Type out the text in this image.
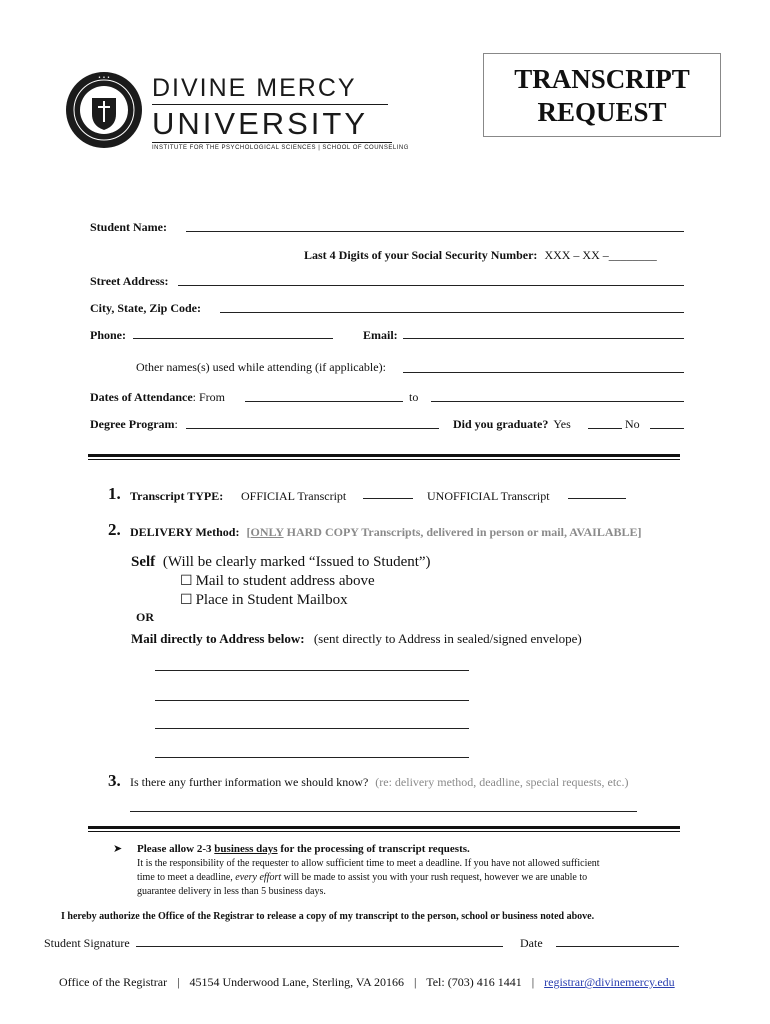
• • • DIVINE MERCY
UNIVERSITY
INSTITUTE FOR THE PSYCHOLOGICAL SCIENCES | SCHOOL OF COUNSELING
TRANSCRIPT
REQUEST
Student Name:
Last 4 Digits of your Social Security Number: XXX – XX –________
Street Address:
City, State, Zip Code:
Phone:	Email:
Other names(s) used while attending (if applicable):
Dates of Attendance: From	to
Degree Program:	Did you graduate? Yes	No
1. Transcript TYPE: OFFICIAL Transcript	UNOFFICIAL Transcript
2. DELIVERY Method: [ONLY HARD COPY Transcripts, delivered in person or mail, AVAILABLE]
Self (Will be clearly marked “Issued to Student”)
☐ Mail to student address above
☐ Place in Student Mailbox
OR
Mail directly to Address below: (sent directly to Address in sealed/signed envelope)
3. Is there any further information we should know? (re: delivery method, deadline, special requests, etc.)
➤ Please allow 2-3 business days for the processing of transcript requests.
It is the responsibility of the requester to allow sufficient time to meet a deadline. If you have not allowed sufficient
time to meet a deadline, every effort will be made to assist you with your rush request, however we are unable to
guarantee delivery in less than 5 business days.
I hereby authorize the Office of the Registrar to release a copy of my transcript to the person, school or business noted above.
Student Signature	Date
Office of the Registrar | 45154 Underwood Lane, Sterling, VA 20166 | Tel: (703) 416 1441 | registrar@divinemercy.edu
